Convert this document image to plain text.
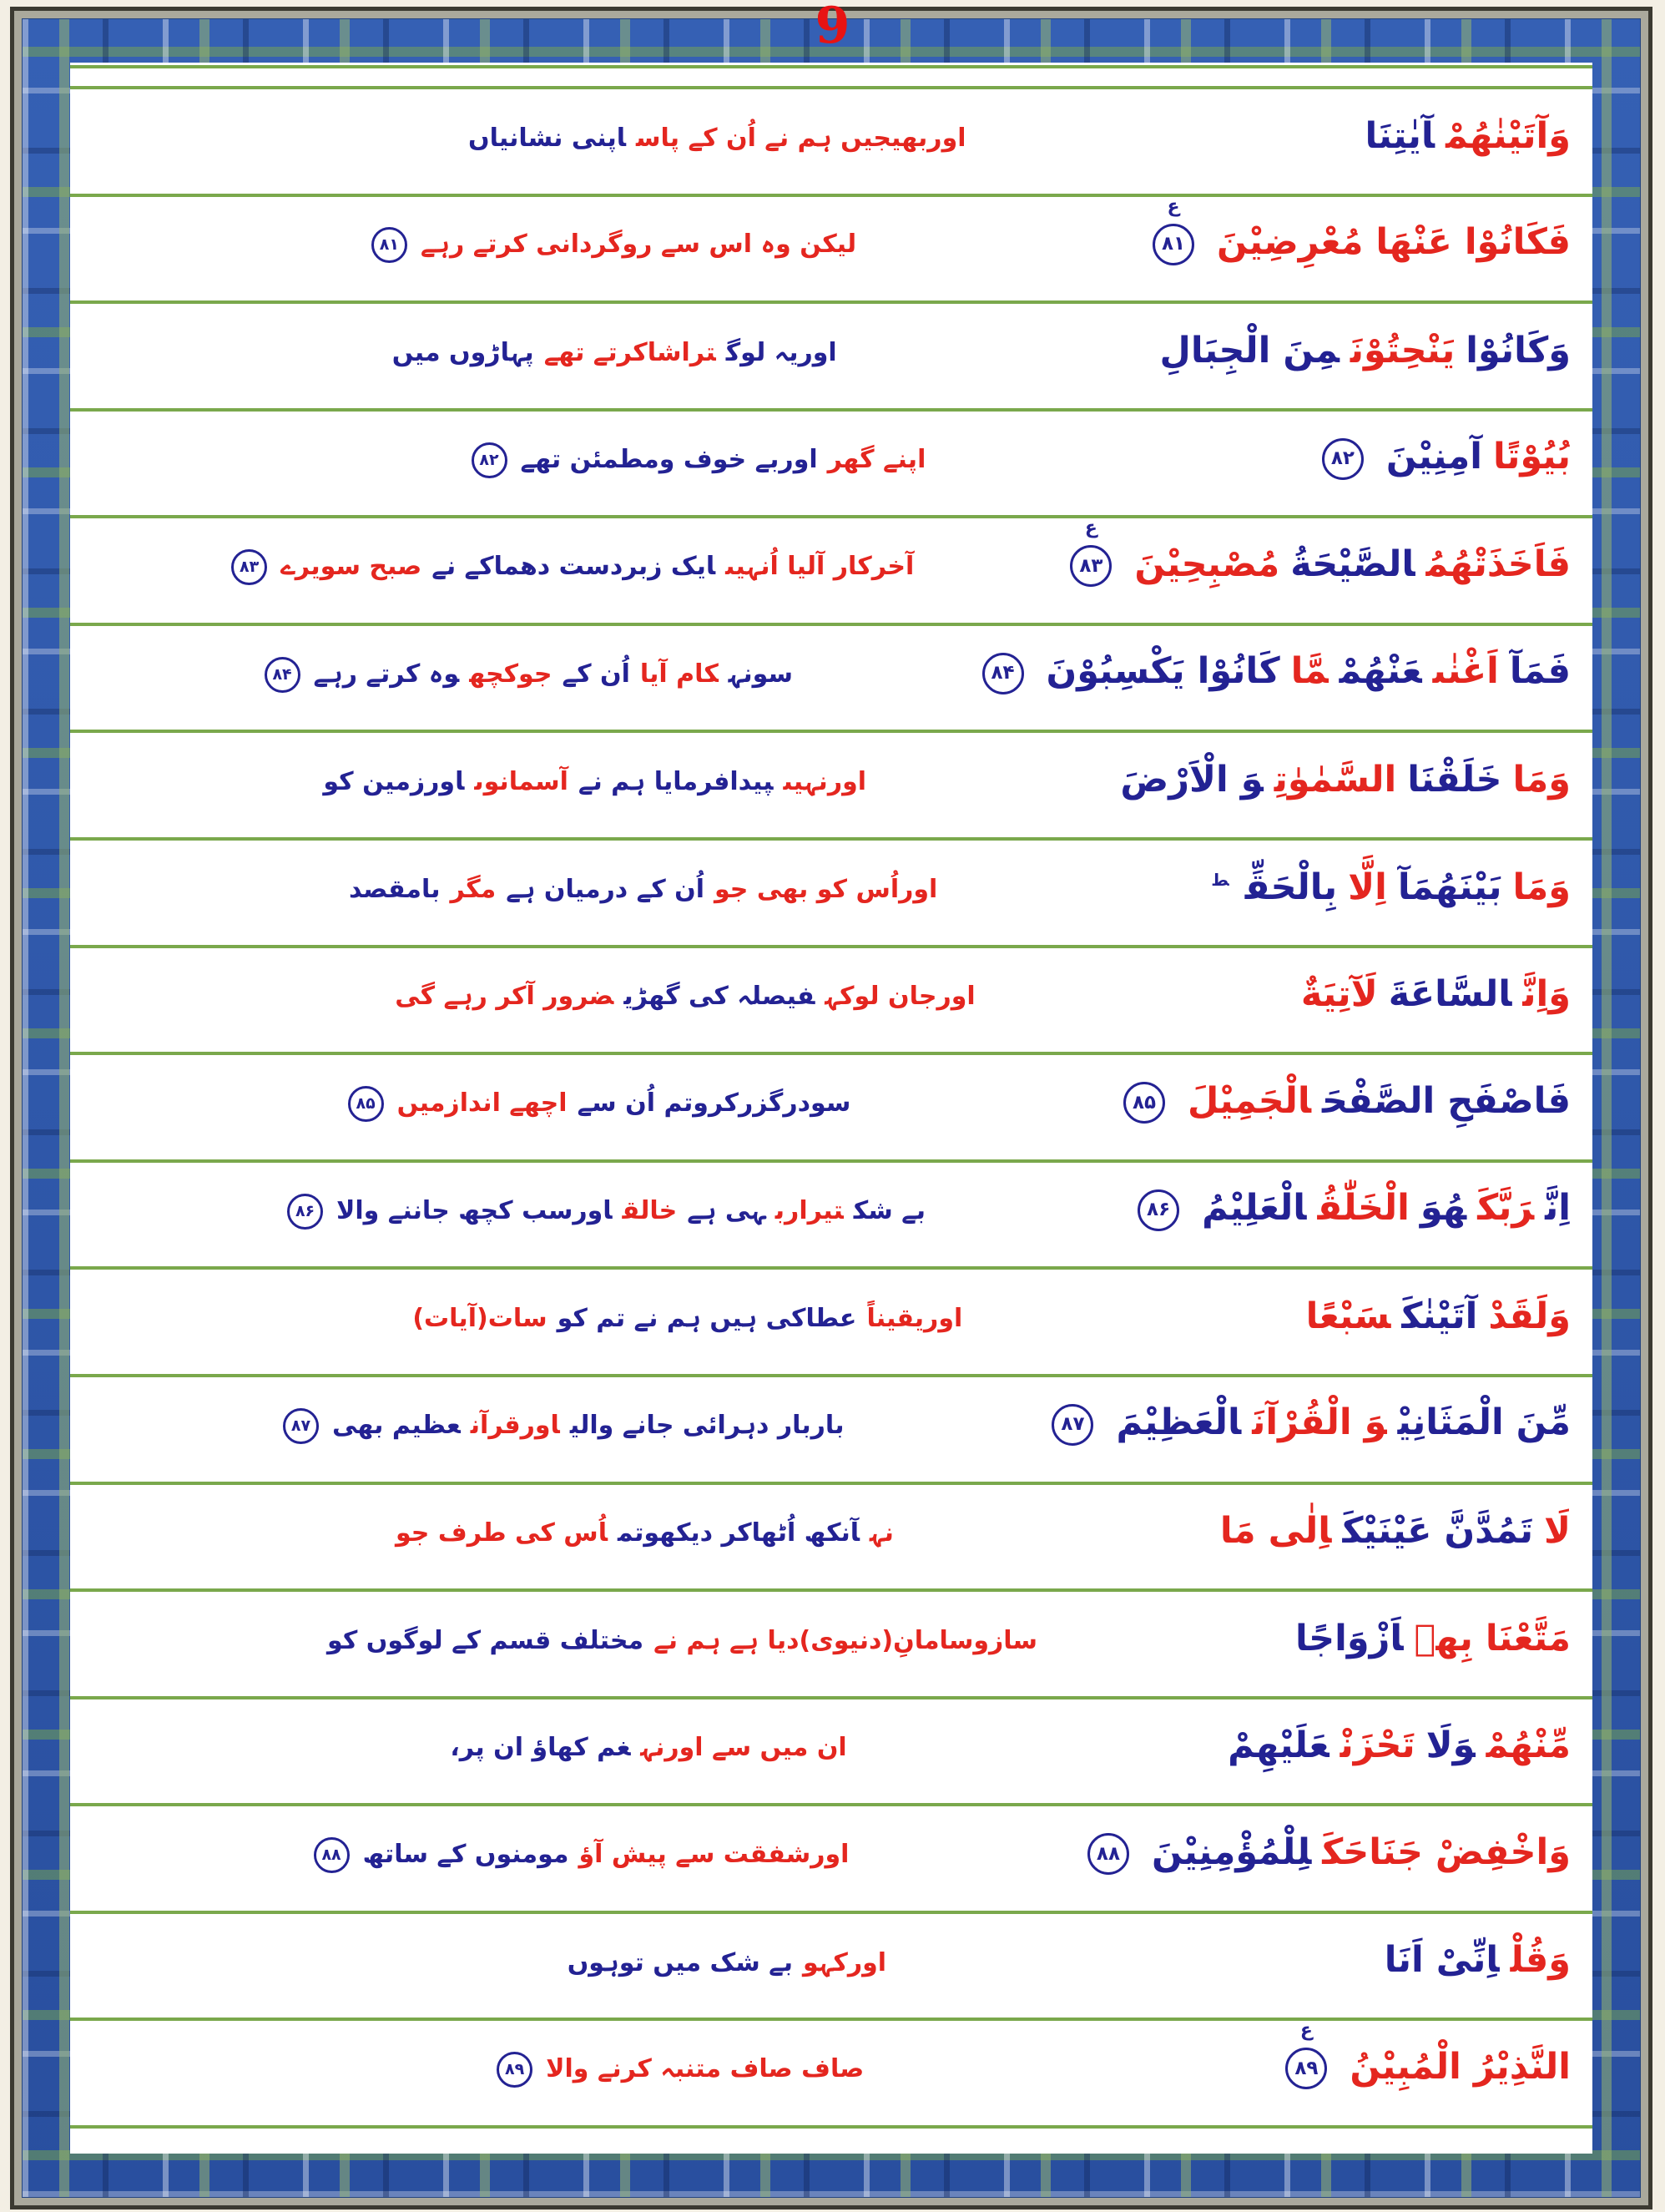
9
وَآتَيْنٰهُمْآيٰتِنَا
اوربھیجیں ہم نے اُن کے پاساپنی نشانیاں
فَكَانُوْا عَنْهَا مُعْرِضِيْنَ
۸۱
ع
لیکن وہ اس سے روگردانی کرتے رہے
۸۱
وَكَانُوْايَنْحِتُوْنَمِنَ الْجِبَالِ
اوریہ لوگتراشاکرتے تھےپہاڑوں میں
بُيُوْتًاآمِنِيْنَ
۸۲
اپنے گھراوربے خوف ومطمئن تھے
۸۲
فَاَخَذَتْهُمُالصَّيْحَةُمُصْبِحِيْنَ
۸۳
ع
آخرکار آلیا اُنہیںایک زبردست دھماکے نےصبح سویرے
۸۳
فَمَآاَغْنٰىعَنْهُمْمَّاكَانُوْا يَكْسِبُوْنَ
۸۴
سونہکام آیااُن کےجوکچھوہ کرتے رہے
۸۴
وَمَاخَلَقْنَاالسَّمٰوٰتِوَ الْاَرْضَ
اورنہیںپیدافرمایا ہم نےآسمانوںاورزمین کو
وَمَابَيْنَهُمَآاِلَّابِالْحَقِّ$^ط$
اوراُس کو بھی جواُن کے درمیان ہےمگربامقصد
وَاِنَّالسَّاعَةَلَآتِيَةٌ
اورجان لوکہفیصلہ کی گھڑیضرور آکر رہے گی
فَاصْفَحِ الصَّفْحَالْجَمِيْلَ
۸۵
سودرگزرکروتم اُن سےاچھے اندازمیں
۸۵
اِنَّرَبَّكَهُوَالْخَلّٰقُالْعَلِيْمُ
۸۶
بے شکتیراربہی ہےخالقاورسب کچھ جاننے والا
۸۶
وَلَقَدْآتَيْنٰكَسَبْعًا
اوریقیناًعطاکی ہیں ہم نے تم کوسات(آیات)
مِّنَ الْمَثَانِيْوَ الْقُرْآنَالْعَظِيْمَ
۸۷
باربار دہرائی جانے والیاورقرآنعظیم بھی
۸۷
لَاتَمُدَّنَّ عَيْنَيْكَاِلٰى مَا
نہآنکھ اُٹھاکر دیکھوتماُس کی طرف جو
مَتَّعْنَا بِهٖاَزْوَاجًا
سازوسامانِ(دنیوی)دیا ہے ہم نےمختلف قسم کے لوگوں کو
مِّنْهُمْوَلَاتَحْزَنْعَلَيْهِمْ
ان میں سے اورنہغم کھاؤ ان پر،
وَاخْفِضْ جَنَاحَكَلِلْمُؤْمِنِيْنَ
۸۸
اورشفقت سے پیش آؤمومنوں کے ساتھ
۸۸
وَقُلْاِنِّیْ اَنَا
اورکہوبے شک میں توہوں
النَّذِيْرُ الْمُبِيْنُ
۸۹
ع
صاف صاف متنبہ کرنے والا
۸۹
